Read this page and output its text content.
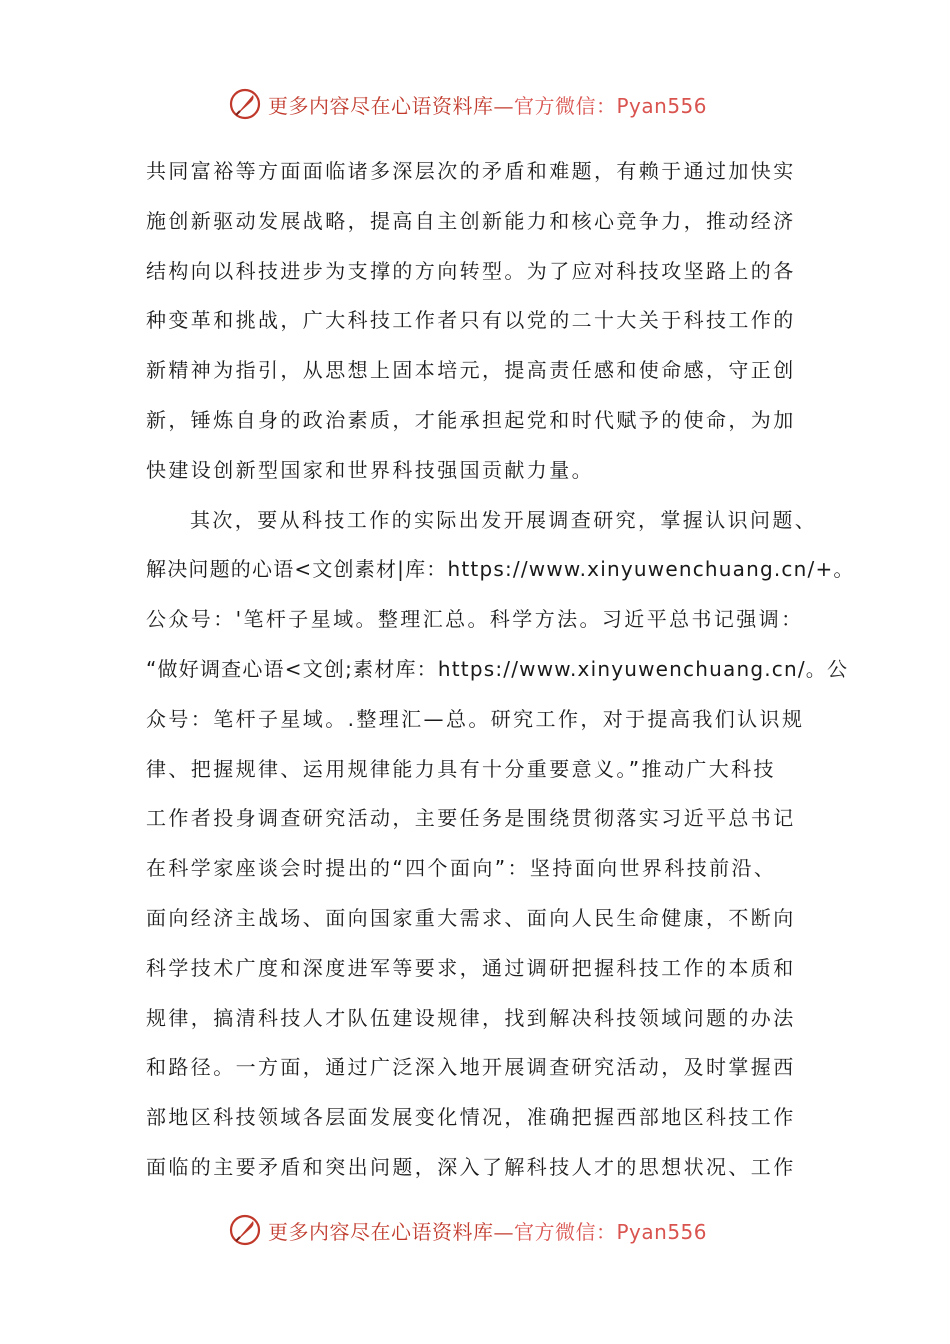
更多内容尽在心语资料库—官方微信：Pyan556
共同富裕等方面面临诸多深层次的矛盾和难题，有赖于通过加快实
施创新驱动发展战略，提高自主创新能力和核心竞争力，推动经济
结构向以科技进步为支撑的方向转型。为了应对科技攻坚路上的各
种变革和挑战，广大科技工作者只有以党的二十大关于科技工作的
新精神为指引，从思想上固本培元，提高责任感和使命感，守正创
新，锤炼自身的政治素质，才能承担起党和时代赋予的使命，为加
快建设创新型国家和世界科技强国贡献力量。
其次，要从科技工作的实际出发开展调查研究，掌握认识问题、
解决问题的心语<文创素材|库：https://www.xinyuwenchuang.cn/+。
公众号：'笔杆子星域。整理汇总。科学方法。习近平总书记强调：
“做好调查心语<文创;素材库：https://www.xinyuwenchuang.cn/。公
众号：笔杆子星域。.整理汇—总。研究工作，对于提高我们认识规
律、把握规律、运用规律能力具有十分重要意义。”推动广大科技
工作者投身调查研究活动，主要任务是围绕贯彻落实习近平总书记
在科学家座谈会时提出的“四个面向”：坚持面向世界科技前沿、
面向经济主战场、面向国家重大需求、面向人民生命健康，不断向
科学技术广度和深度进军等要求，通过调研把握科技工作的本质和
规律，搞清科技人才队伍建设规律，找到解决科技领域问题的办法
和路径。一方面，通过广泛深入地开展调查研究活动，及时掌握西
部地区科技领域各层面发展变化情况，准确把握西部地区科技工作
面临的主要矛盾和突出问题，深入了解科技人才的思想状况、工作
更多内容尽在心语资料库—官方微信：Pyan556
